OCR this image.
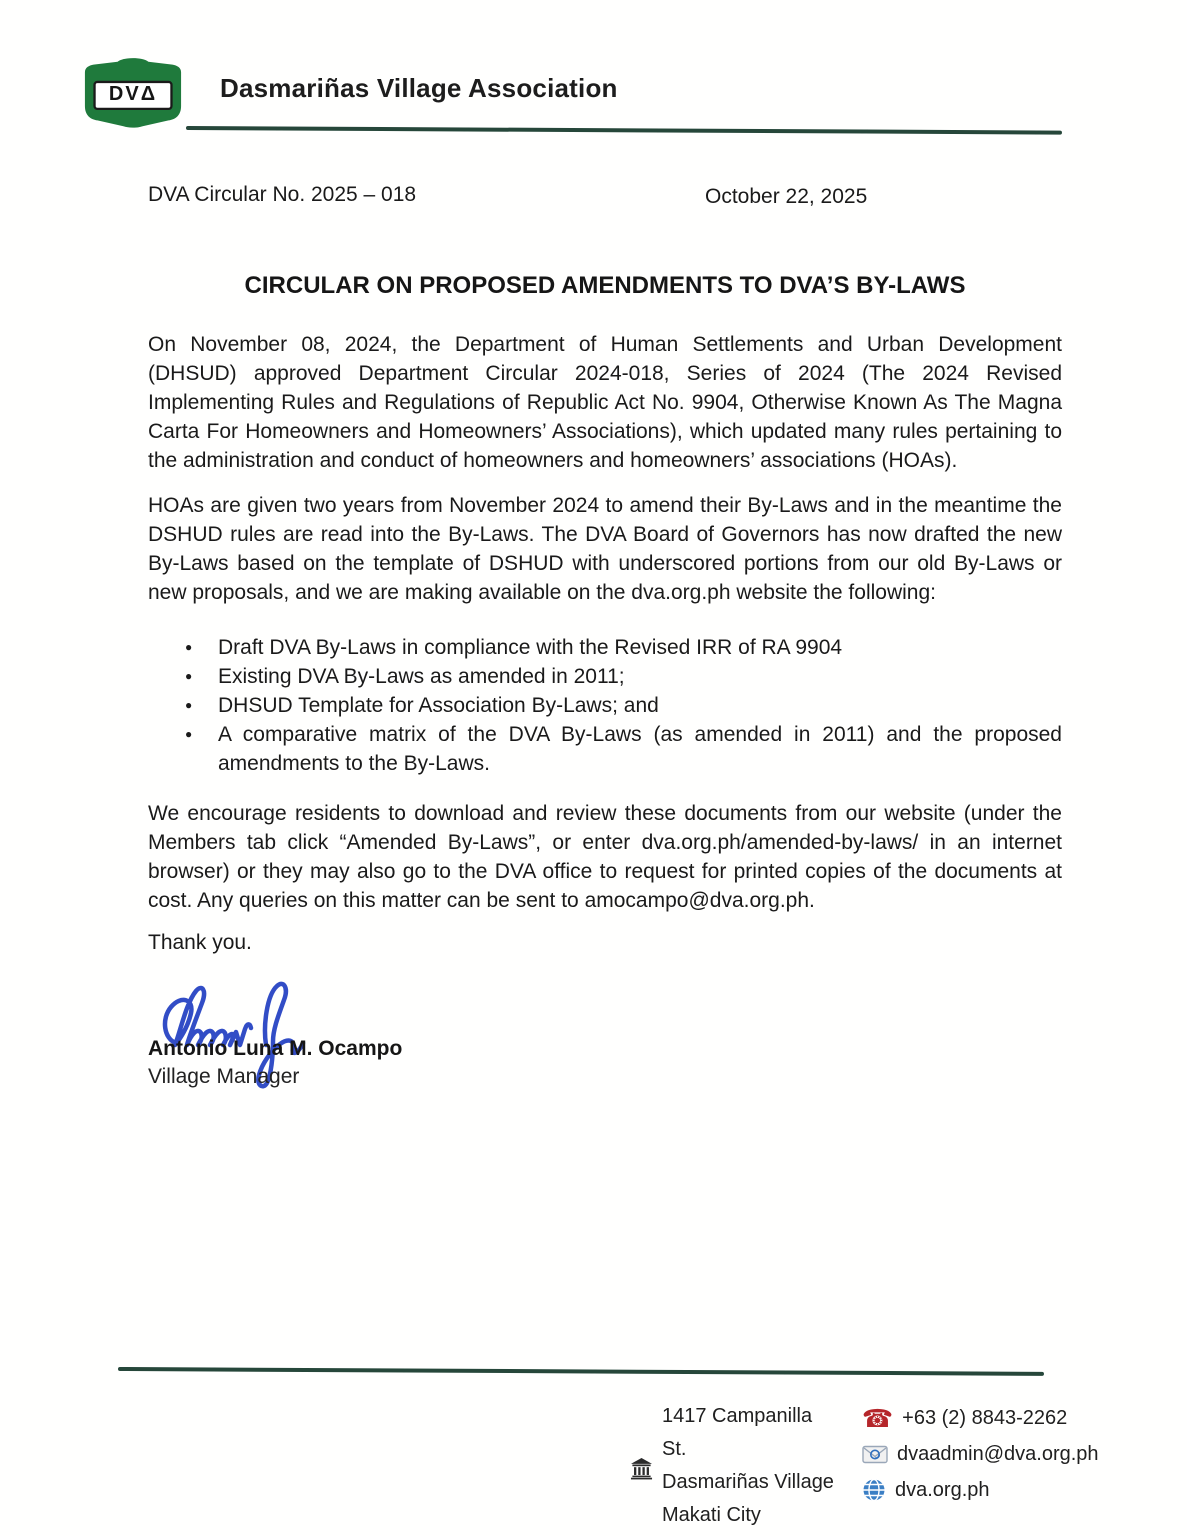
DVΔ	Dasmariñas Village Association
DVA Circular No. 2025 – 018	October 22, 2025
CIRCULAR ON PROPOSED AMENDMENTS TO DVA’S BY-LAWS

On November 08, 2024, the Department of Human Settlements and Urban Development (DHSUD) approved Department Circular 2024-018, Series of 2024 (The 2024 Revised Implementing Rules and Regulations of Republic Act No. 9904, Otherwise Known As The Magna Carta For Homeowners and Homeowners’ Associations), which updated many rules pertaining to the administration and conduct of homeowners and homeowners’ associations (HOAs).

HOAs are given two years from November 2024 to amend their By-Laws and in the meantime the DSHUD rules are read into the By-Laws. The DVA Board of Governors has now drafted the new By-Laws based on the template of DSHUD with underscored portions from our old By-Laws or new proposals, and we are making available on the dva.org.ph website the following:

● Draft DVA By-Laws in compliance with the Revised IRR of RA 9904
● Existing DVA By-Laws as amended in 2011;
● DHSUD Template for Association By-Laws; and
● A comparative matrix of the DVA By-Laws (as amended in 2011) and the proposed amendments to the By-Laws.

We encourage residents to download and review these documents from our website (under the Members tab click “Amended By-Laws”, or enter dva.org.ph/amended-by-laws/ in an internet browser) or they may also go to the DVA office to request for printed copies of the documents at cost. Any queries on this matter can be sent to amocampo@dva.org.ph.

Thank you.

Antonio Luna M. Ocampo
Village Manager
1417 Campanilla St.
Dasmariñas Village
Makati City
☎ +63 (2) 8843-2262
dvaadmin@dva.org.ph
dva.org.ph
